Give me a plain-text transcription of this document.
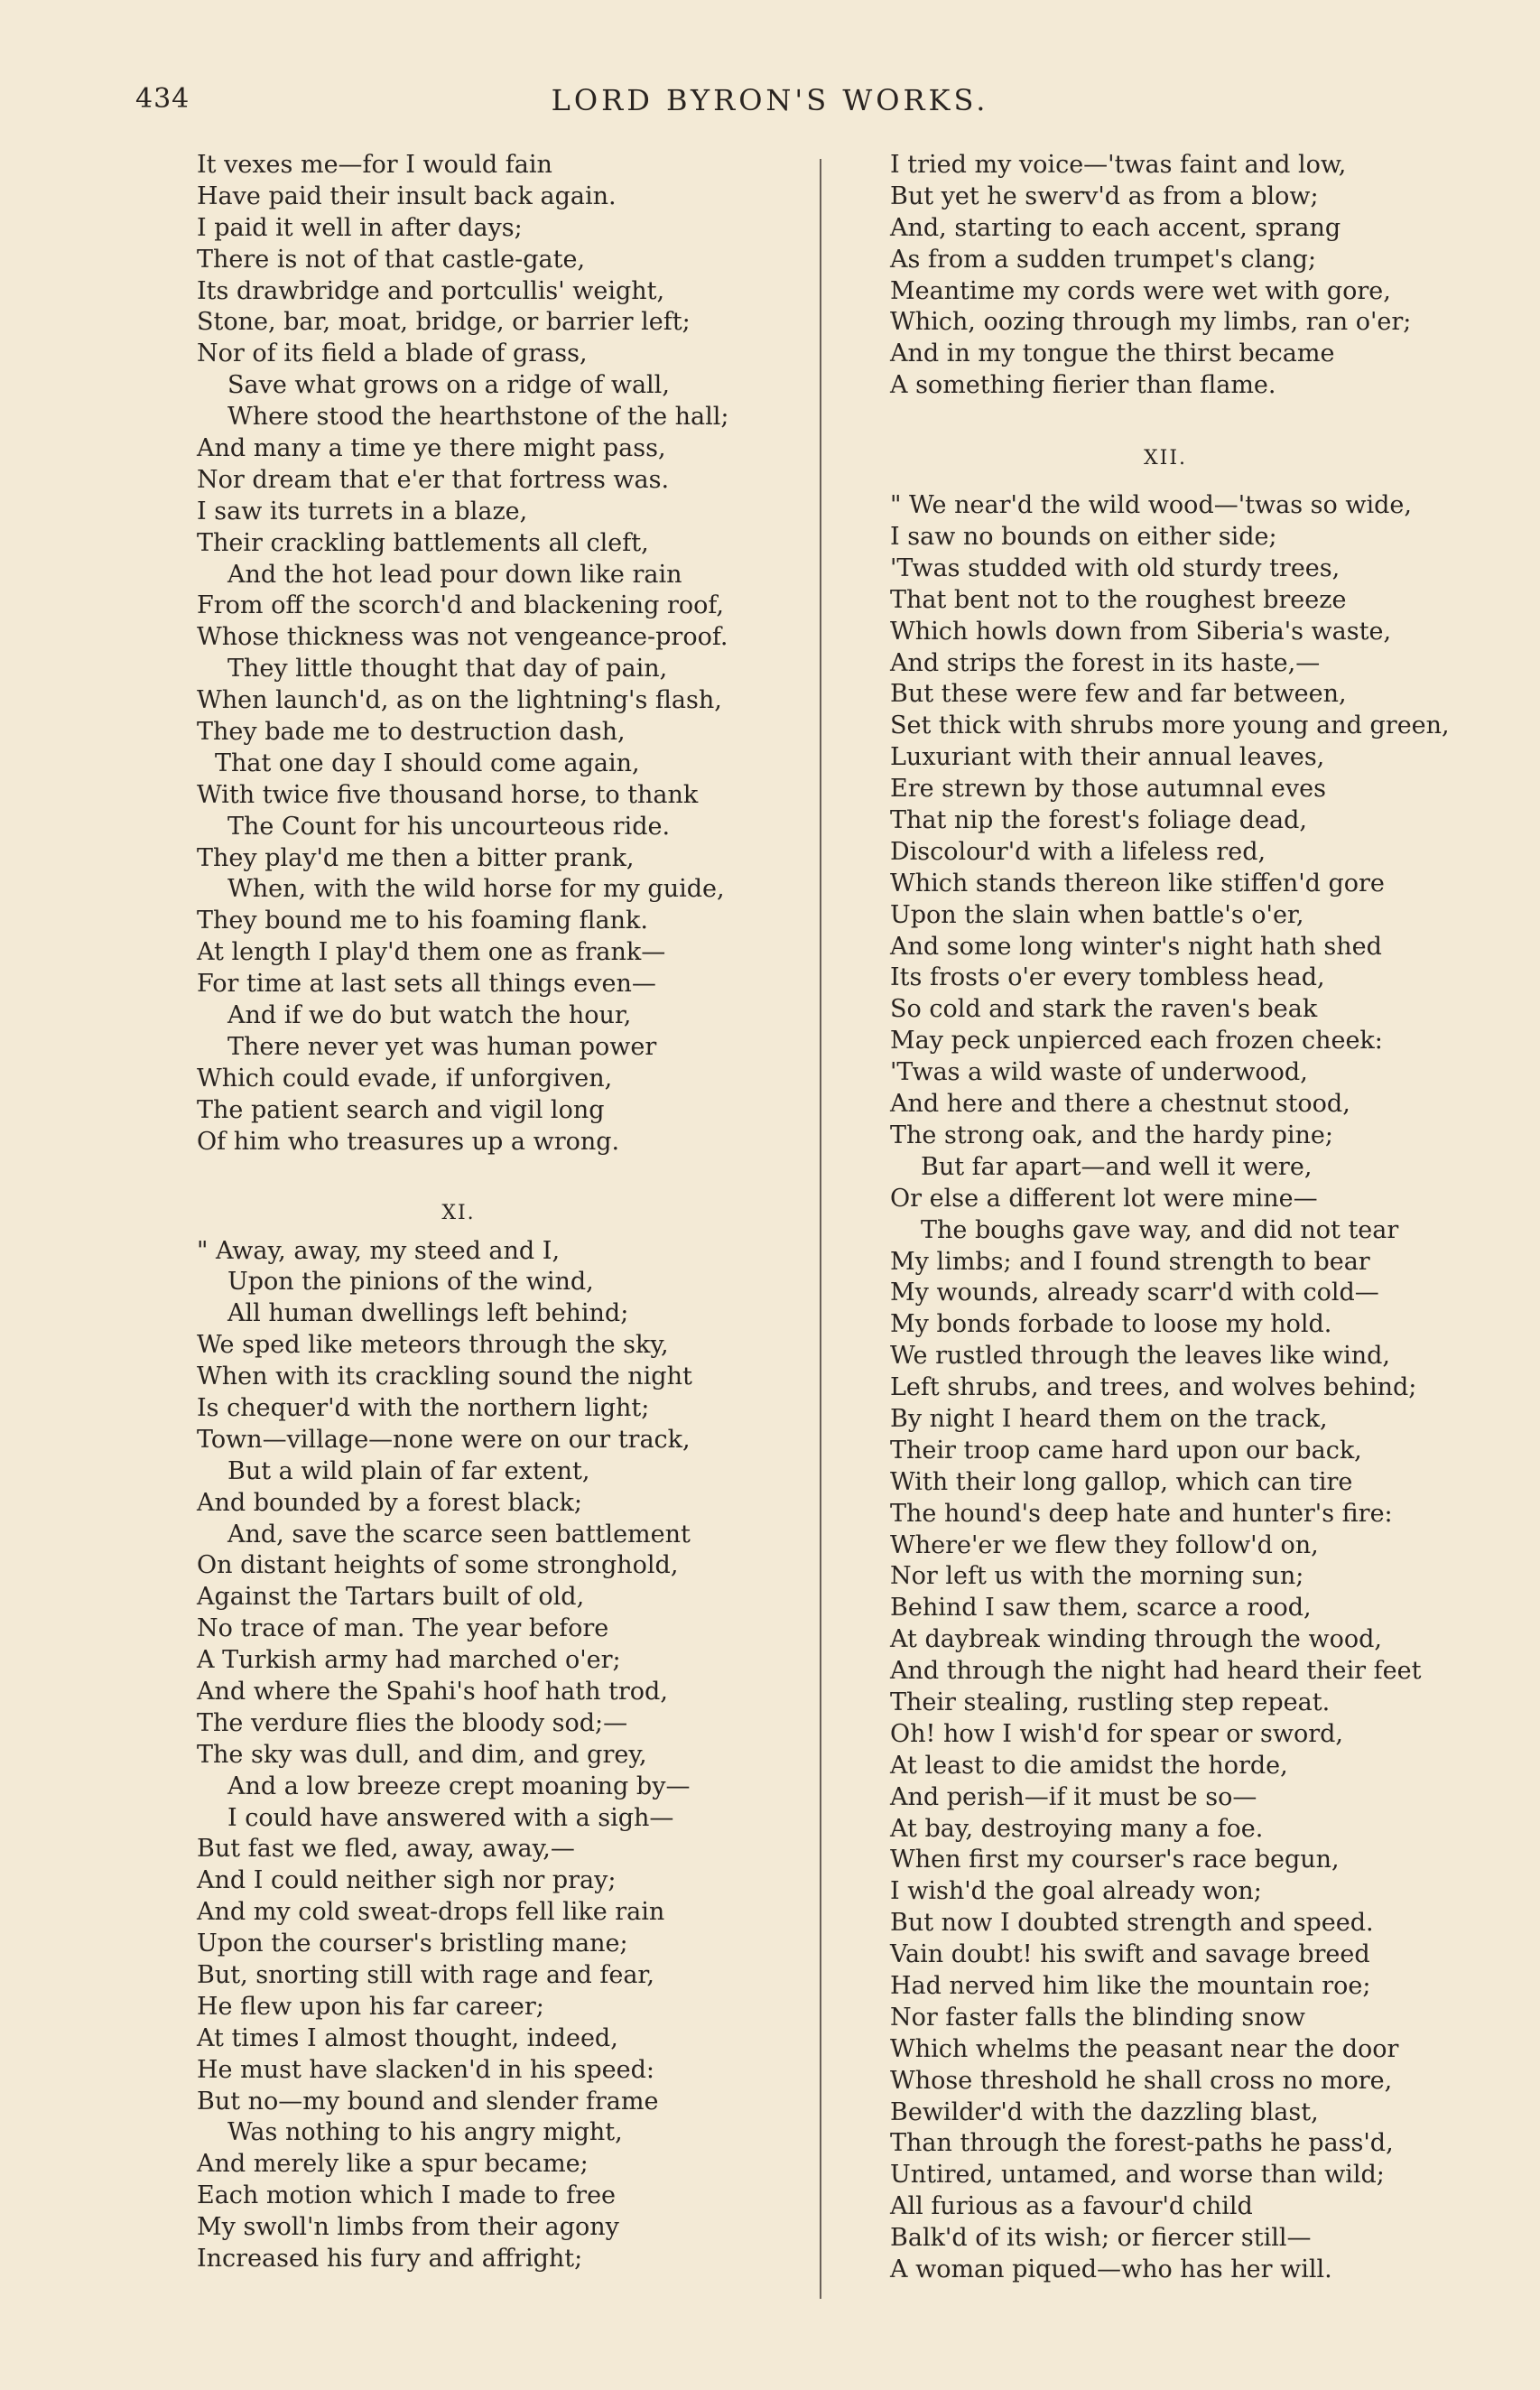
434	LORD BYRON'S WORKS.
It vexes me—for I would fain
Have paid their insult back again.
I paid it well in after days;
There is not of that castle-gate,
Its drawbridge and portcullis' weight,
Stone, bar, moat, bridge, or barrier left;
Nor of its field a blade of grass,
Save what grows on a ridge of wall,
Where stood the hearthstone of the hall;
And many a time ye there might pass,
Nor dream that e'er that fortress was.
I saw its turrets in a blaze,
Their crackling battlements all cleft,
And the hot lead pour down like rain
From off the scorch'd and blackening roof,
Whose thickness was not vengeance-proof.
They little thought that day of pain,
When launch'd, as on the lightning's flash,
They bade me to destruction dash,
That one day I should come again,
With twice five thousand horse, to thank
The Count for his uncourteous ride.
They play'd me then a bitter prank,
When, with the wild horse for my guide,
They bound me to his foaming flank.
At length I play'd them one as frank—
For time at last sets all things even—
And if we do but watch the hour,
There never yet was human power
Which could evade, if unforgiven,
The patient search and vigil long
Of him who treasures up a wrong.
XI.
" Away, away, my steed and I,
Upon the pinions of the wind,
All human dwellings left behind;
We sped like meteors through the sky,
When with its crackling sound the night
Is chequer'd with the northern light;
Town—village—none were on our track,
But a wild plain of far extent,
And bounded by a forest black;
And, save the scarce seen battlement
On distant heights of some stronghold,
Against the Tartars built of old,
No trace of man. The year before
A Turkish army had marched o'er;
And where the Spahi's hoof hath trod,
The verdure flies the bloody sod;—
The sky was dull, and dim, and grey,
And a low breeze crept moaning by—
I could have answered with a sigh—
But fast we fled, away, away,—
And I could neither sigh nor pray;
And my cold sweat-drops fell like rain
Upon the courser's bristling mane;
But, snorting still with rage and fear,
He flew upon his far career;
At times I almost thought, indeed,
He must have slacken'd in his speed:
But no—my bound and slender frame
Was nothing to his angry might,
And merely like a spur became;
Each motion which I made to free
My swoll'n limbs from their agony
Increased his fury and affright;
I tried my voice—'twas faint and low,
But yet he swerv'd as from a blow;
And, starting to each accent, sprang
As from a sudden trumpet's clang;
Meantime my cords were wet with gore,
Which, oozing through my limbs, ran o'er;
And in my tongue the thirst became
A something fierier than flame.
XII.
" We near'd the wild wood—'twas so wide,
I saw no bounds on either side;
'Twas studded with old sturdy trees,
That bent not to the roughest breeze
Which howls down from Siberia's waste,
And strips the forest in its haste,—
But these were few and far between,
Set thick with shrubs more young and green,
Luxuriant with their annual leaves,
Ere strewn by those autumnal eves
That nip the forest's foliage dead,
Discolour'd with a lifeless red,
Which stands thereon like stiffen'd gore
Upon the slain when battle's o'er,
And some long winter's night hath shed
Its frosts o'er every tombless head,
So cold and stark the raven's beak
May peck unpierced each frozen cheek:
'Twas a wild waste of underwood,
And here and there a chestnut stood,
The strong oak, and the hardy pine;
But far apart—and well it were,
Or else a different lot were mine—
The boughs gave way, and did not tear
My limbs; and I found strength to bear
My wounds, already scarr'd with cold—
My bonds forbade to loose my hold.
We rustled through the leaves like wind,
Left shrubs, and trees, and wolves behind;
By night I heard them on the track,
Their troop came hard upon our back,
With their long gallop, which can tire
The hound's deep hate and hunter's fire:
Where'er we flew they follow'd on,
Nor left us with the morning sun;
Behind I saw them, scarce a rood,
At daybreak winding through the wood,
And through the night had heard their feet
Their stealing, rustling step repeat.
Oh! how I wish'd for spear or sword,
At least to die amidst the horde,
And perish—if it must be so—
At bay, destroying many a foe.
When first my courser's race begun,
I wish'd the goal already won;
But now I doubted strength and speed.
Vain doubt! his swift and savage breed
Had nerved him like the mountain roe;
Nor faster falls the blinding snow
Which whelms the peasant near the door
Whose threshold he shall cross no more,
Bewilder'd with the dazzling blast,
Than through the forest-paths he pass'd,
Untired, untamed, and worse than wild;
All furious as a favour'd child
Balk'd of its wish; or fiercer still—
A woman piqued—who has her will.
